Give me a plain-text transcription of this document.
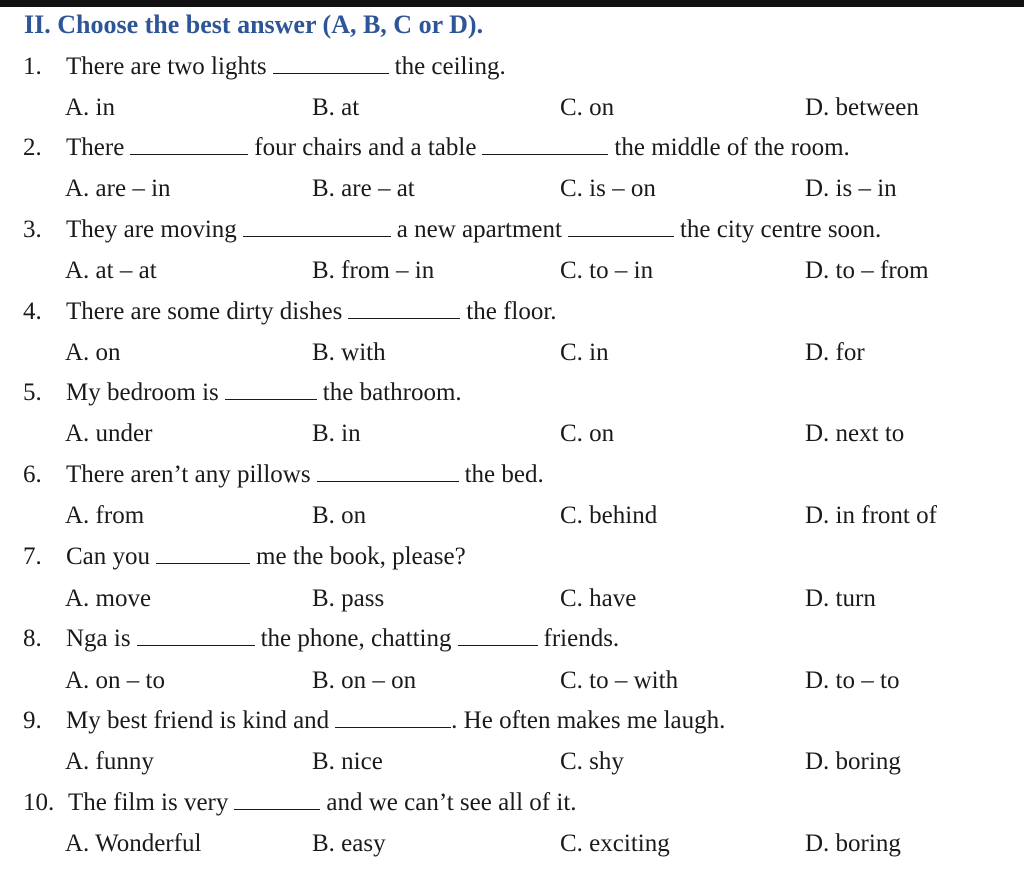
II. Choose the best answer (A, B, C or D).
1. There are two lights	the ceiling.
A. in	B. at	C. on	D. between
2. There	four chairs and a table	the middle of the room.
A. are – in	B. are – at	C. is – on	D. is – in
3. They are moving	a new apartment	the city centre soon.
A. at – at	B. from – in	C. to – in	D. to – from
4. There are some dirty dishes	the floor.
A. on	B. with	C. in	D. for
5. My bedroom is	the bathroom.
A. under	B. in	C. on	D. next to
6. There aren’t any pillows	the bed.
A. from	B. on	C. behind	D. in front of
7. Can you	me the book, please?
A. move	B. pass	C. have	D. turn
8. Nga is	the phone, chatting	friends.
A. on – to	B. on – on	C. to – with	D. to – to
9. My best friend is kind and	. He often makes me laugh.
A. funny	B. nice	C. shy	D. boring
10. The film is very	and we can’t see all of it.
A. Wonderful	B. easy	C. exciting	D. boring
